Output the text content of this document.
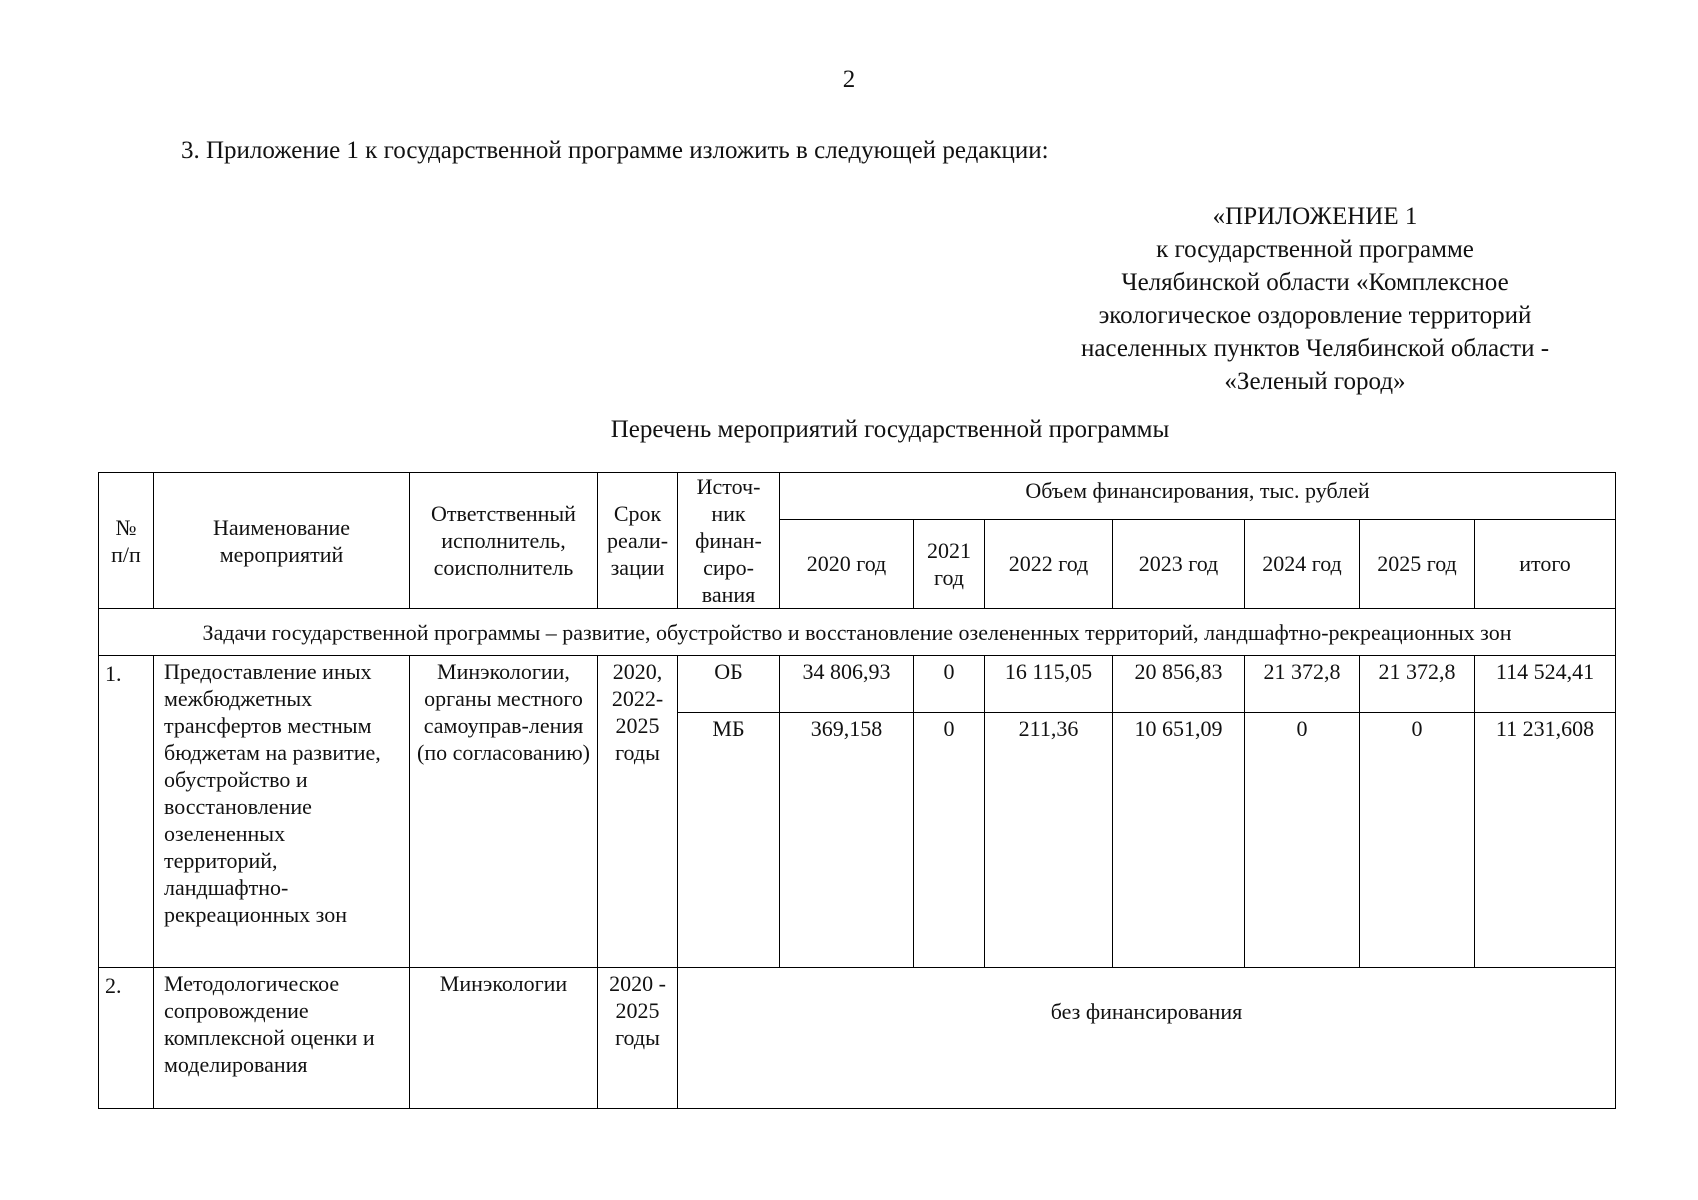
2
3. Приложение 1 к государственной программе изложить в следующей редакции:
«ПРИЛОЖЕНИЕ 1
к государственной программе
Челябинской области «Комплексное
экологическое оздоровление территорий
населенных пунктов Челябинской области -
«Зеленый город»
Перечень мероприятий государственной программы
№ п/п	Наименование мероприятий	Ответственный исполнитель, соисполнитель	Срок реали-зации	Источ-ник финан-сиро-вания	Объем финансирования, тыс. рублей						
					2020 год	2021 год	2022 год	2023 год	2024 год	2025 год	итого
Задачи государственной программы – развитие, обустройство и восстановление озелененных территорий, ландшафтно-рекреационных зон											
1.	Предоставление иных межбюджетных трансфертов местным бюджетам на развитие, обустройство и восстановление озелененных территорий, ландшафтно-рекреационных зон	Минэкологии, органы местного самоуправ-ления (по согласованию)	2020, 2022-2025 годы	ОБ	34 806,93	0	16 115,05	20 856,83	21 372,8	21 372,8	114 524,41
				МБ	369,158	0	211,36	10 651,09	0	0	11 231,608
2.	Методологическое сопровождение комплексной оценки и моделирования	Минэкологии	2020 - 2025 годы	без финансирования							
